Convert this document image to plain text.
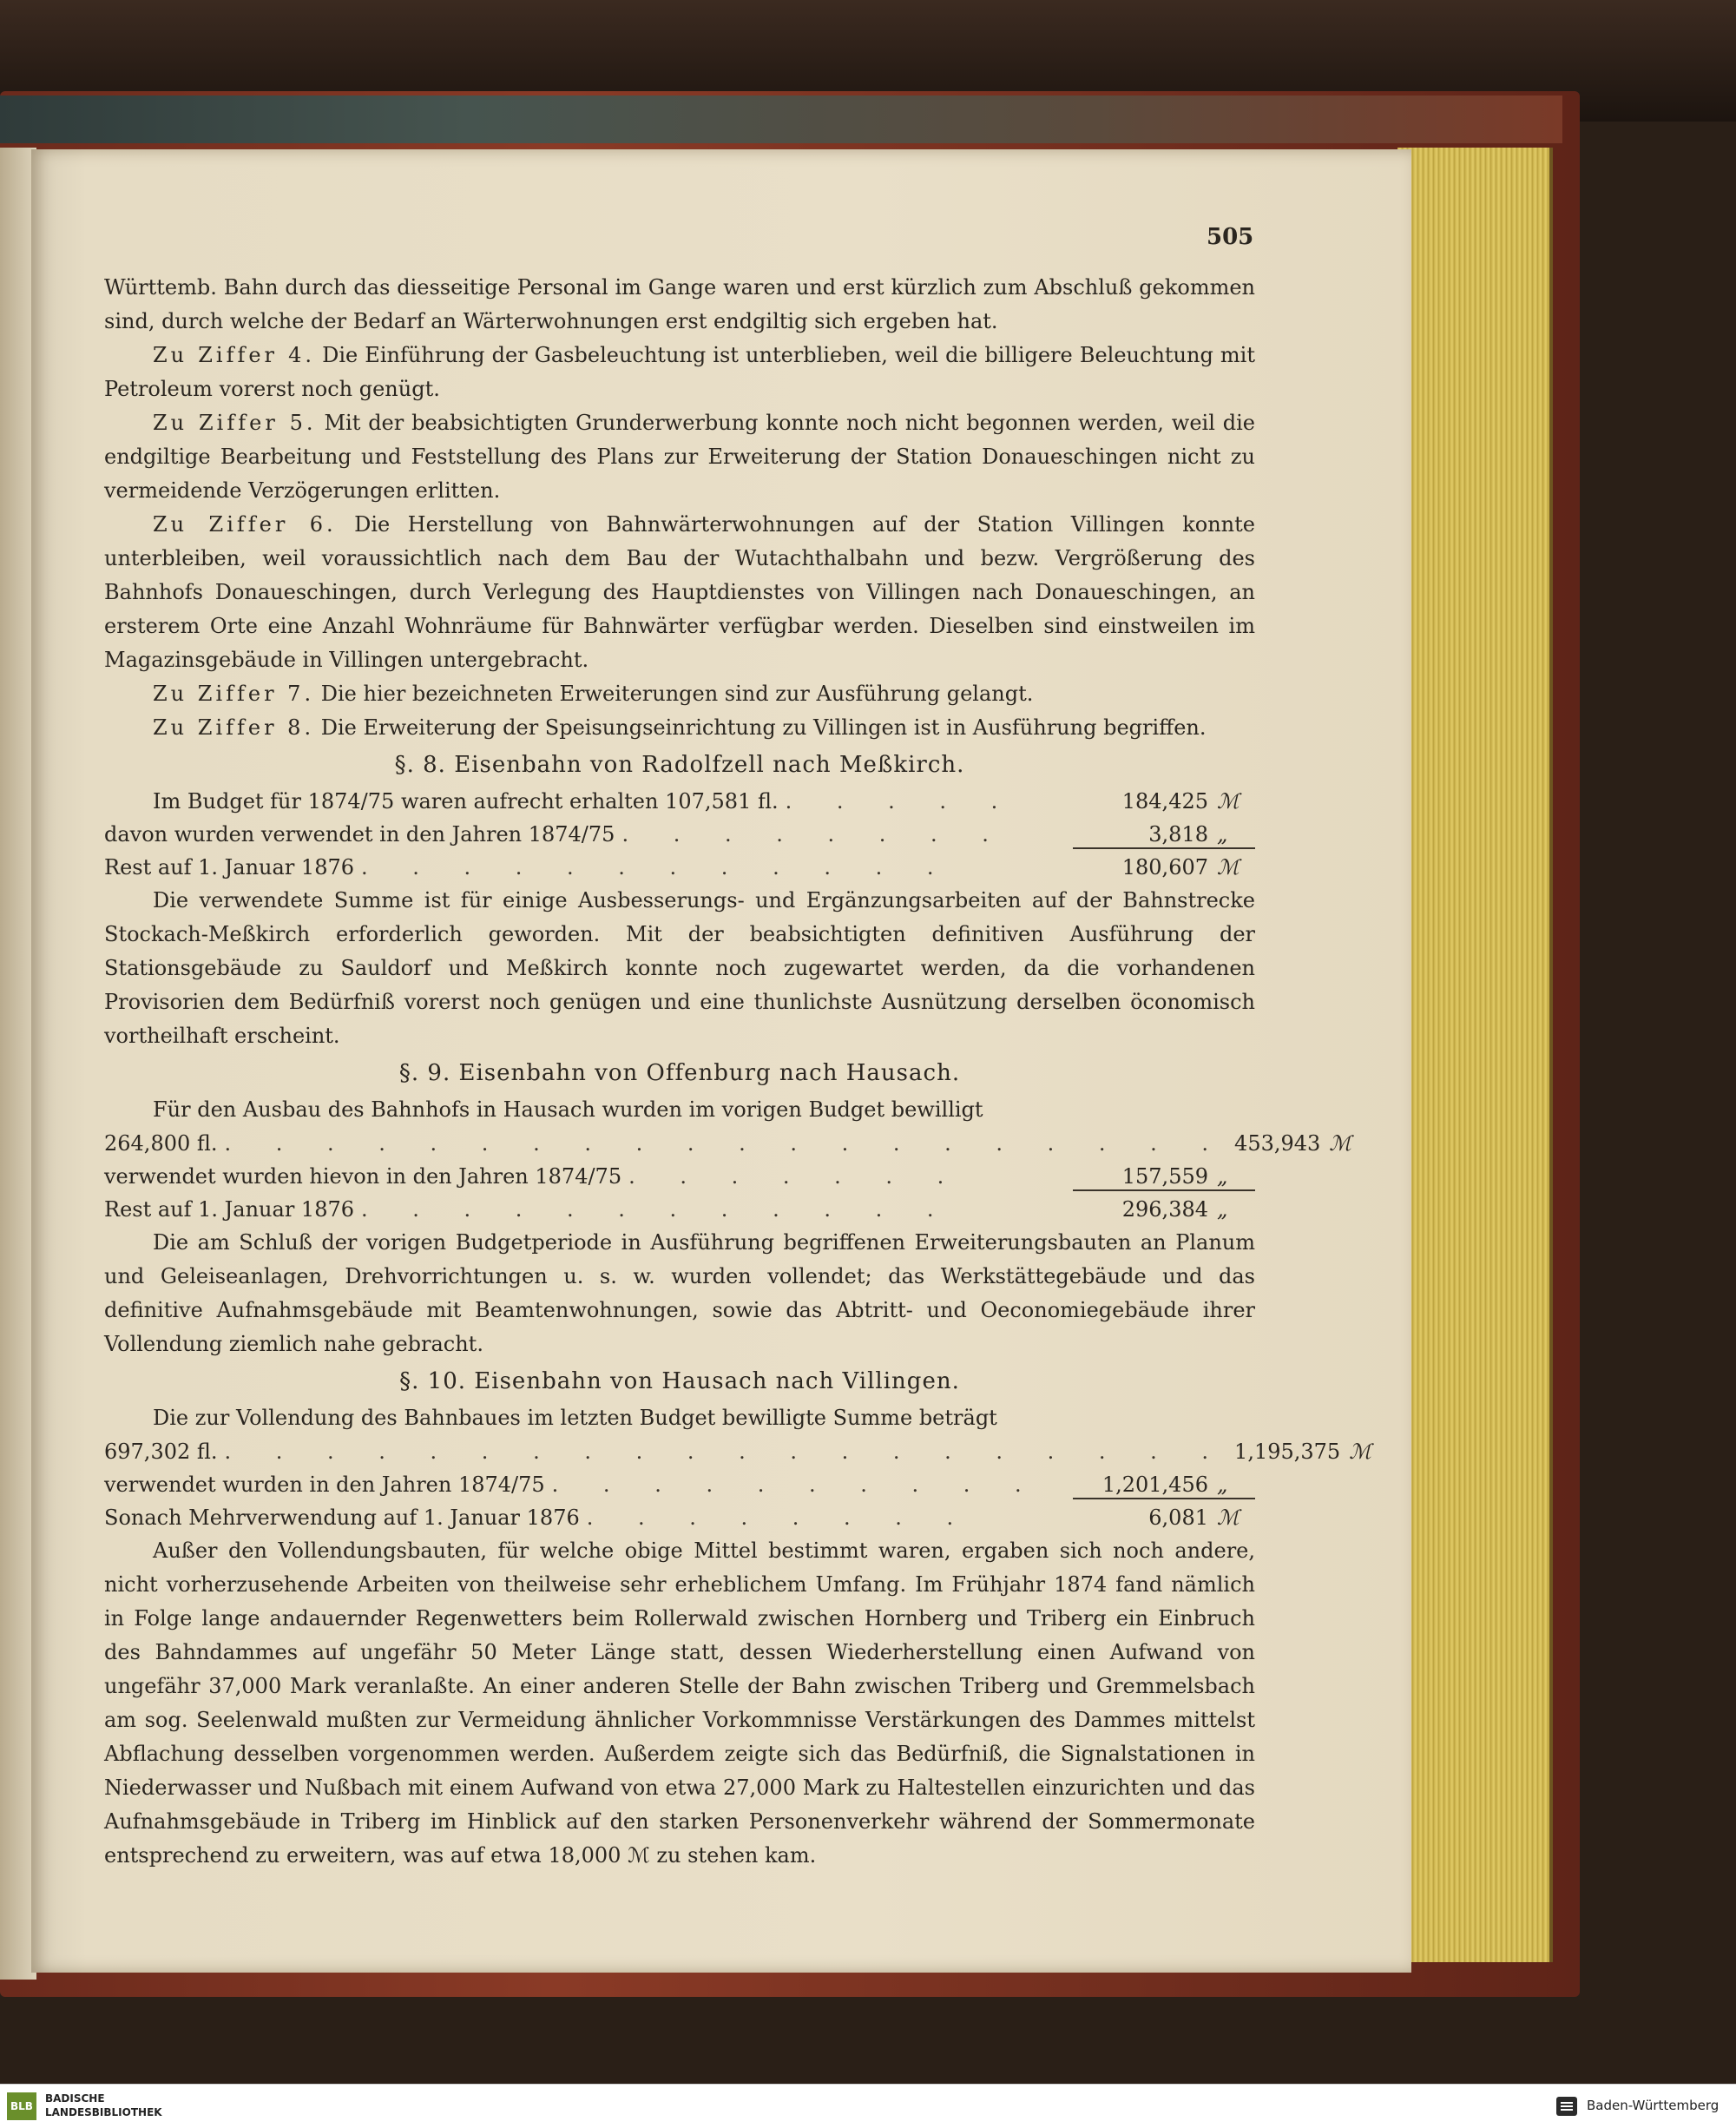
505

Württemb. Bahn durch das diesseitige Personal im Gange waren und erst kürzlich zum Abschluß gekommen sind, durch welche der Bedarf an Wärterwohnungen erst endgiltig sich ergeben hat.

Zu Ziffer 4. Die Einführung der Gasbeleuchtung ist unterblieben, weil die billigere Beleuchtung mit Petroleum vorerst noch genügt.

Zu Ziffer 5. Mit der beabsichtigten Grunderwerbung konnte noch nicht begonnen werden, weil die endgiltige Bearbeitung und Feststellung des Plans zur Erweiterung der Station Donaueschingen nicht zu vermeidende Verzögerungen erlitten.

Zu Ziffer 6. Die Herstellung von Bahnwärterwohnungen auf der Station Villingen konnte unterbleiben, weil voraussichtlich nach dem Bau der Wutachthalbahn und bezw. Vergrößerung des Bahnhofs Donaueschingen, durch Verlegung des Hauptdienstes von Villingen nach Donaueschingen, an ersterem Orte eine Anzahl Wohnräume für Bahnwärter verfügbar werden. Dieselben sind einstweilen im Magazinsgebäude in Villingen untergebracht.

Zu Ziffer 7. Die hier bezeichneten Erweiterungen sind zur Ausführung gelangt.

Zu Ziffer 8. Die Erweiterung der Speisungseinrichtung zu Villingen ist in Ausführung begriffen.

§. 8. Eisenbahn von Radolfzell nach Meßkirch.
Im Budget für 1874/75 waren aufrecht erhalten 107,581 fl. . . . . .	184,425 ℳ
davon wurden verwendet in den Jahren 1874/75 . . . . . . . .	3,818 „
Rest auf 1. Januar 1876 . . . . . . . . . . . .	180,607 ℳ

Die verwendete Summe ist für einige Ausbesserungs- und Ergänzungsarbeiten auf der Bahnstrecke Stockach-Meßkirch erforderlich geworden. Mit der beabsichtigten definitiven Ausführung der Stationsgebäude zu Sauldorf und Meßkirch konnte noch zugewartet werden, da die vorhandenen Provisorien dem Bedürfniß vorerst noch genügen und eine thunlichste Ausnützung derselben öconomisch vortheilhaft erscheint.

§. 9. Eisenbahn von Offenburg nach Hausach.

Für den Ausbau des Bahnhofs in Hausach wurden im vorigen Budget bewilligt

264,800 fl. . . . . . . . . . . . . . . . . . . . . 453,943 ℳ
verwendet wurden hievon in den Jahren 1874/75 . . . . . . .	157,559 „
Rest auf 1. Januar 1876 . . . . . . . . . . . .	296,384 „

Die am Schluß der vorigen Budgetperiode in Ausführung begriffenen Erweiterungsbauten an Planum und Geleiseanlagen, Drehvorrichtungen u. s. w. wurden vollendet; das Werkstättegebäude und das definitive Aufnahmsgebäude mit Beamtenwohnungen, sowie das Abtritt- und Oeconomiegebäude ihrer Vollendung ziemlich nahe gebracht.

§. 10. Eisenbahn von Hausach nach Villingen.

Die zur Vollendung des Bahnbaues im letzten Budget bewilligte Summe beträgt

697,302 fl. . . . . . . . . . . . . . . . . . . . . 1,195,375 ℳ
verwendet wurden in den Jahren 1874/75 . . . . . . . . . .	1,201,456 „
Sonach Mehrverwendung auf 1. Januar 1876 . . . . . . . .	6,081 ℳ

Außer den Vollendungsbauten, für welche obige Mittel bestimmt waren, ergaben sich noch andere, nicht vorherzusehende Arbeiten von theilweise sehr erheblichem Umfang. Im Frühjahr 1874 fand nämlich in Folge lange andauernder Regenwetters beim Rollerwald zwischen Hornberg und Triberg ein Einbruch des Bahndammes auf ungefähr 50 Meter Länge statt, dessen Wiederherstellung einen Aufwand von ungefähr 37,000 Mark veranlaßte. An einer anderen Stelle der Bahn zwischen Triberg und Gremmelsbach am sog. Seelenwald mußten zur Vermeidung ähnlicher Vorkommnisse Verstärkungen des Dammes mittelst Abflachung desselben vorgenommen werden. Außerdem zeigte sich das Bedürfniß, die Signalstationen in Niederwasser und Nußbach mit einem Aufwand von etwa 27,000 Mark zu Haltestellen einzurichten und das Aufnahmsgebäude in Triberg im Hinblick auf den starken Personenverkehr während der Sommermonate entsprechend zu erweitern, was auf etwa 18,000 ℳ zu stehen kam.

BLB
BADISCHE
LANDESBIBLIOTHEK	Baden-Württemberg
